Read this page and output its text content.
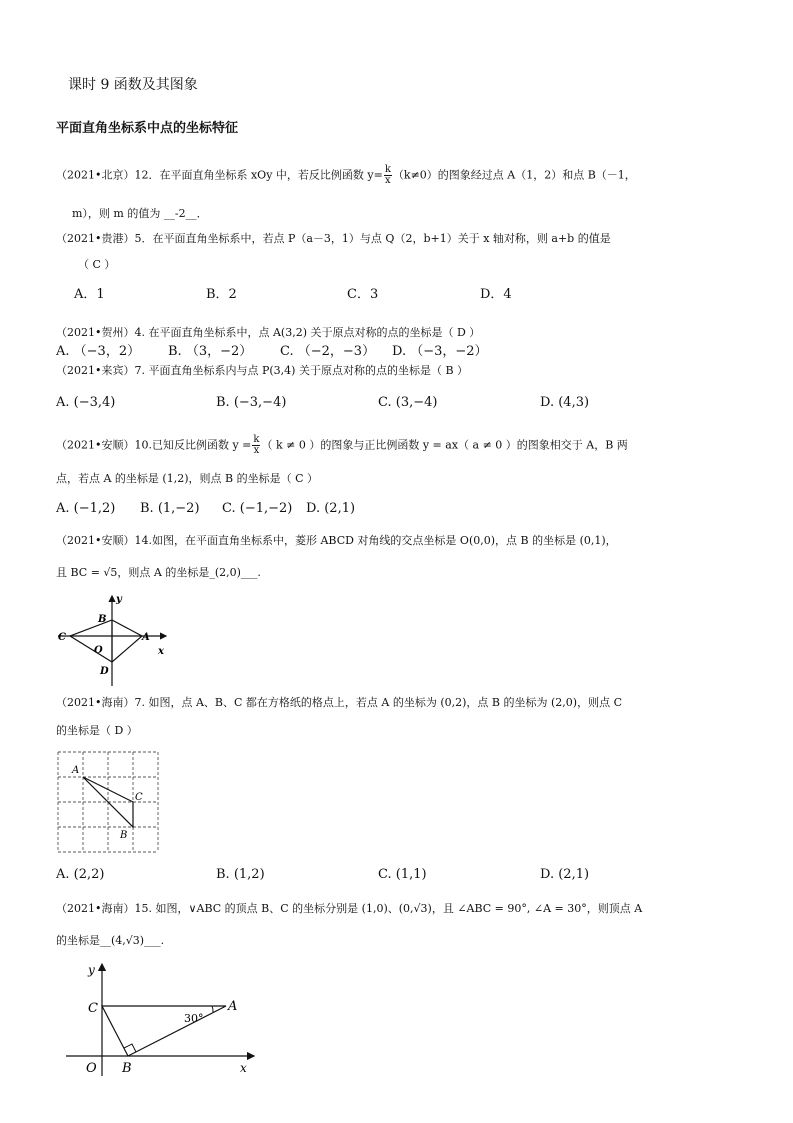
课时 9 函数及其图象
平面直角坐标系中点的坐标特征
（2021•北京）12．在平面直角坐标系 xOy 中，若反比例函数 $y= \frac{k}{x} (k\ne 0)$的图象经过点 A（1，2）和点 B（－1，
m），则 m 的值为 __-2__．
（2021•贵港）5．在平面直角坐标系中，若点 P（a－3，1）与点 Q（2，b+1）关于 x 轴对称，则 a+b 的值是
（ C ）
A．1	B．2	C．3	D．4
（2021•贺州）4. 在平面直角坐标系中，点 A(3,2) 关于原点对称的点的坐标是（ D ）
A. （−3，2） B. （3，−2） C. （−2，−3） D. （−3，−2）
（2021•来宾）7. 平面直角坐标系内与点 P(3,4) 关于原点对称的点的坐标是（ B ）
A. (−3,4)	B. (−3,−4)	C. (3,−4)	D. (4,3)
（2021•安顺）10.已知反比例函数 $y = \frac{k}{x}$ （ k ≠ 0 ）的图象与正比例函数 y = ax（ a ≠ 0 ）的图象相交于 A，B 两
点，若点 A 的坐标是 (1,2)，则点 B 的坐标是（ C ）
A. (−1,2) B. (1,−2) C. (−1,−2) D. (2,1)
（2021•安顺）14.如图，在平面直角坐标系中，菱形 ABCD 对角线的交点坐标是 O(0,0)，点 B 的坐标是 (0,1)，
且 BC = √5，则点 A 的坐标是_(2,0)___.
y
x
B
C	A
O
D
（2021•海南）7. 如图，点 A、B、C 都在方格纸的格点上，若点 A 的坐标为 (0,2)，点 B 的坐标为 (2,0)，则点 C
的坐标是（ D ）
A
C
B
A. (2,2)	B. (1,2)	C. (1,1)	D. (2,1)
（2021•海南）15. 如图，∨ABC 的顶点 B、C 的坐标分别是 (1,0)、(0,√3)，且 ∠ABC = 90°, ∠A = 30°，则顶点 A
的坐标是__(4,√3)___.
y
x
C	A
O B
30°
